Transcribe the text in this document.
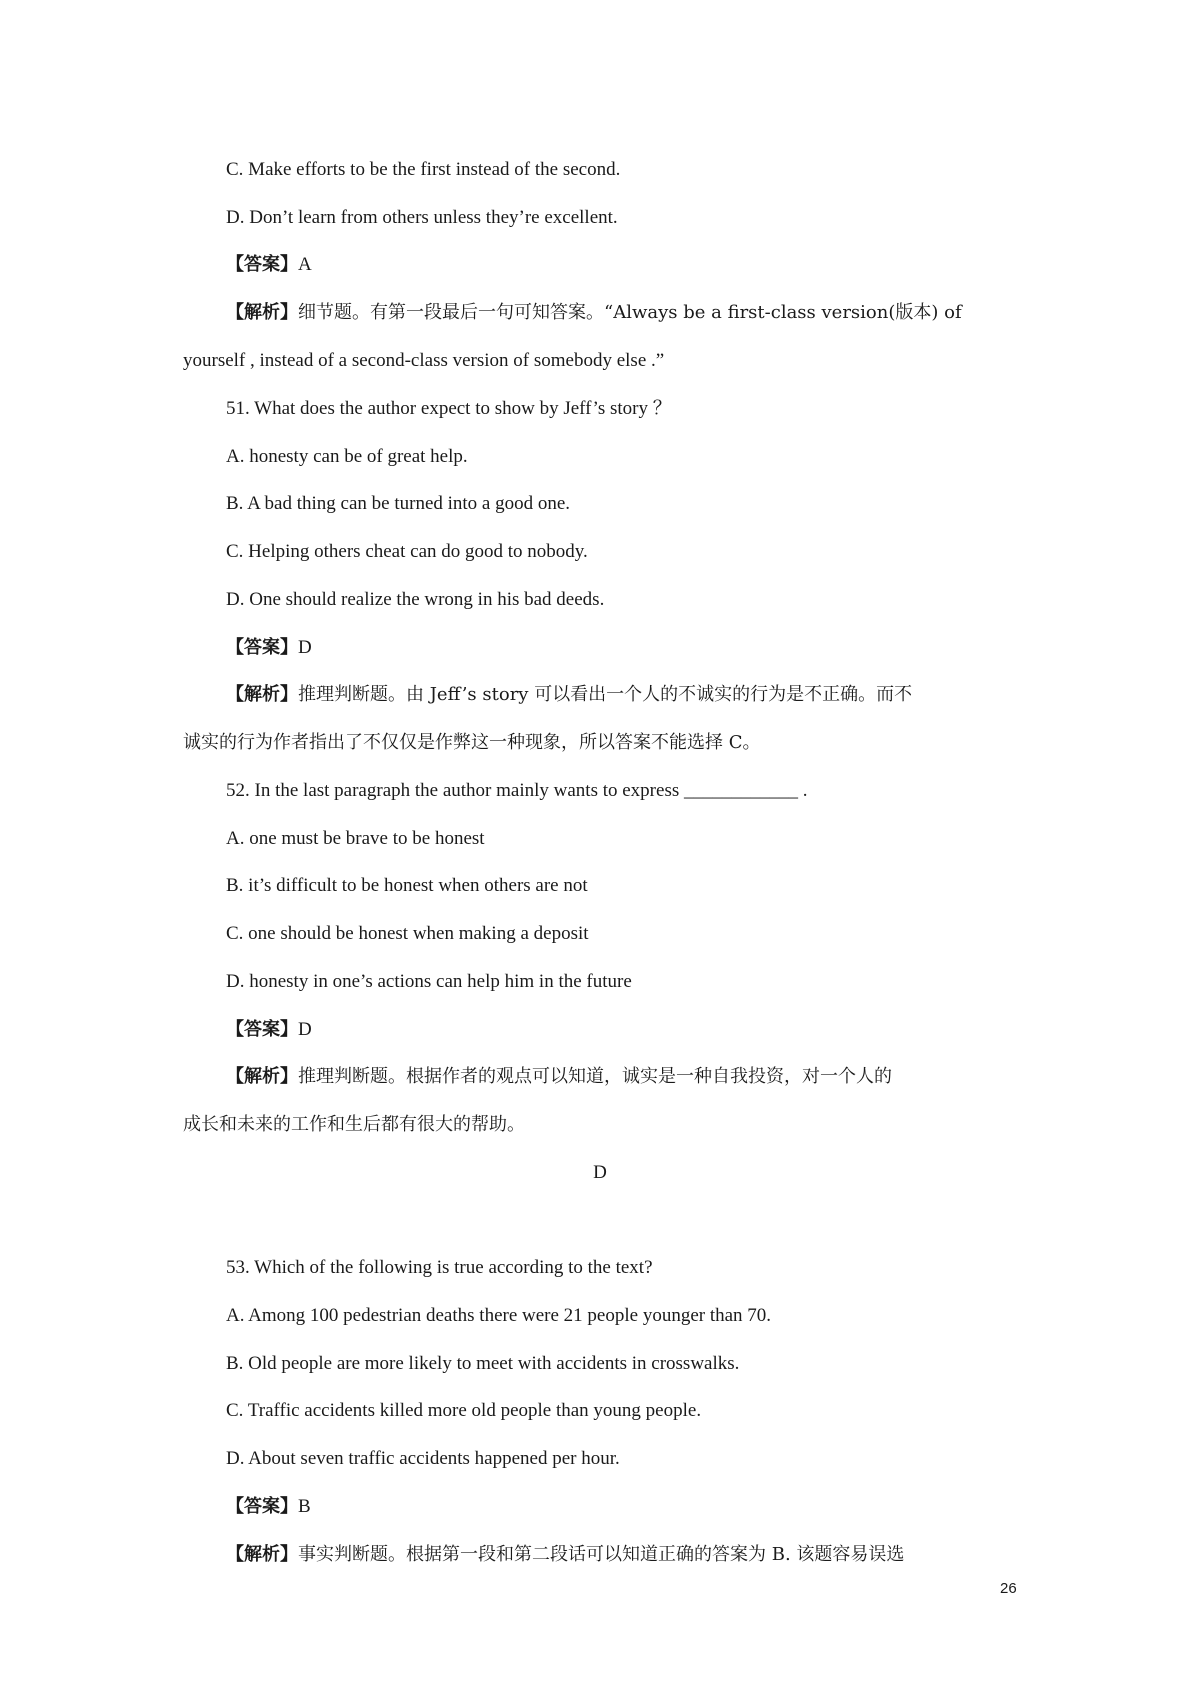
C. Make efforts to be the first instead of the second.
D. Don’t learn from others unless they’re excellent.
【答案】A
【解析】细节题。有第一段最后一句可知答案。“Always be a first-class version(版本) of
yourself , instead of a second-class version of somebody else .”
51. What does the author expect to show by Jeff’s story ？
A. honesty can be of great help.
B. A bad thing can be turned into a good one.
C. Helping others cheat can do good to nobody.
D. One should realize the wrong in his bad deeds.
【答案】D
【解析】推理判断题。由 Jeff’s story 可以看出一个人的不诚实的行为是不正确。而不
诚实的行为作者指出了不仅仅是作弊这一种现象，所以答案不能选择 C。
52. In the last paragraph the author mainly wants to express ____________ .
A. one must be brave to be honest
B. it’s difficult to be honest when others are not
C. one should be honest when making a deposit
D. honesty in one’s actions can help him in the future
【答案】D
【解析】推理判断题。根据作者的观点可以知道，诚实是一种自我投资，对一个人的
成长和未来的工作和生后都有很大的帮助。
D
53. Which of the following is true according to the text?
A. Among 100 pedestrian deaths there were 21 people younger than 70.
B. Old people are more likely to meet with accidents in crosswalks.
C. Traffic accidents killed more old people than young people.
D. About seven traffic accidents happened per hour.
【答案】B
【解析】事实判断题。根据第一段和第二段话可以知道正确的答案为 B. 该题容易误选
26
